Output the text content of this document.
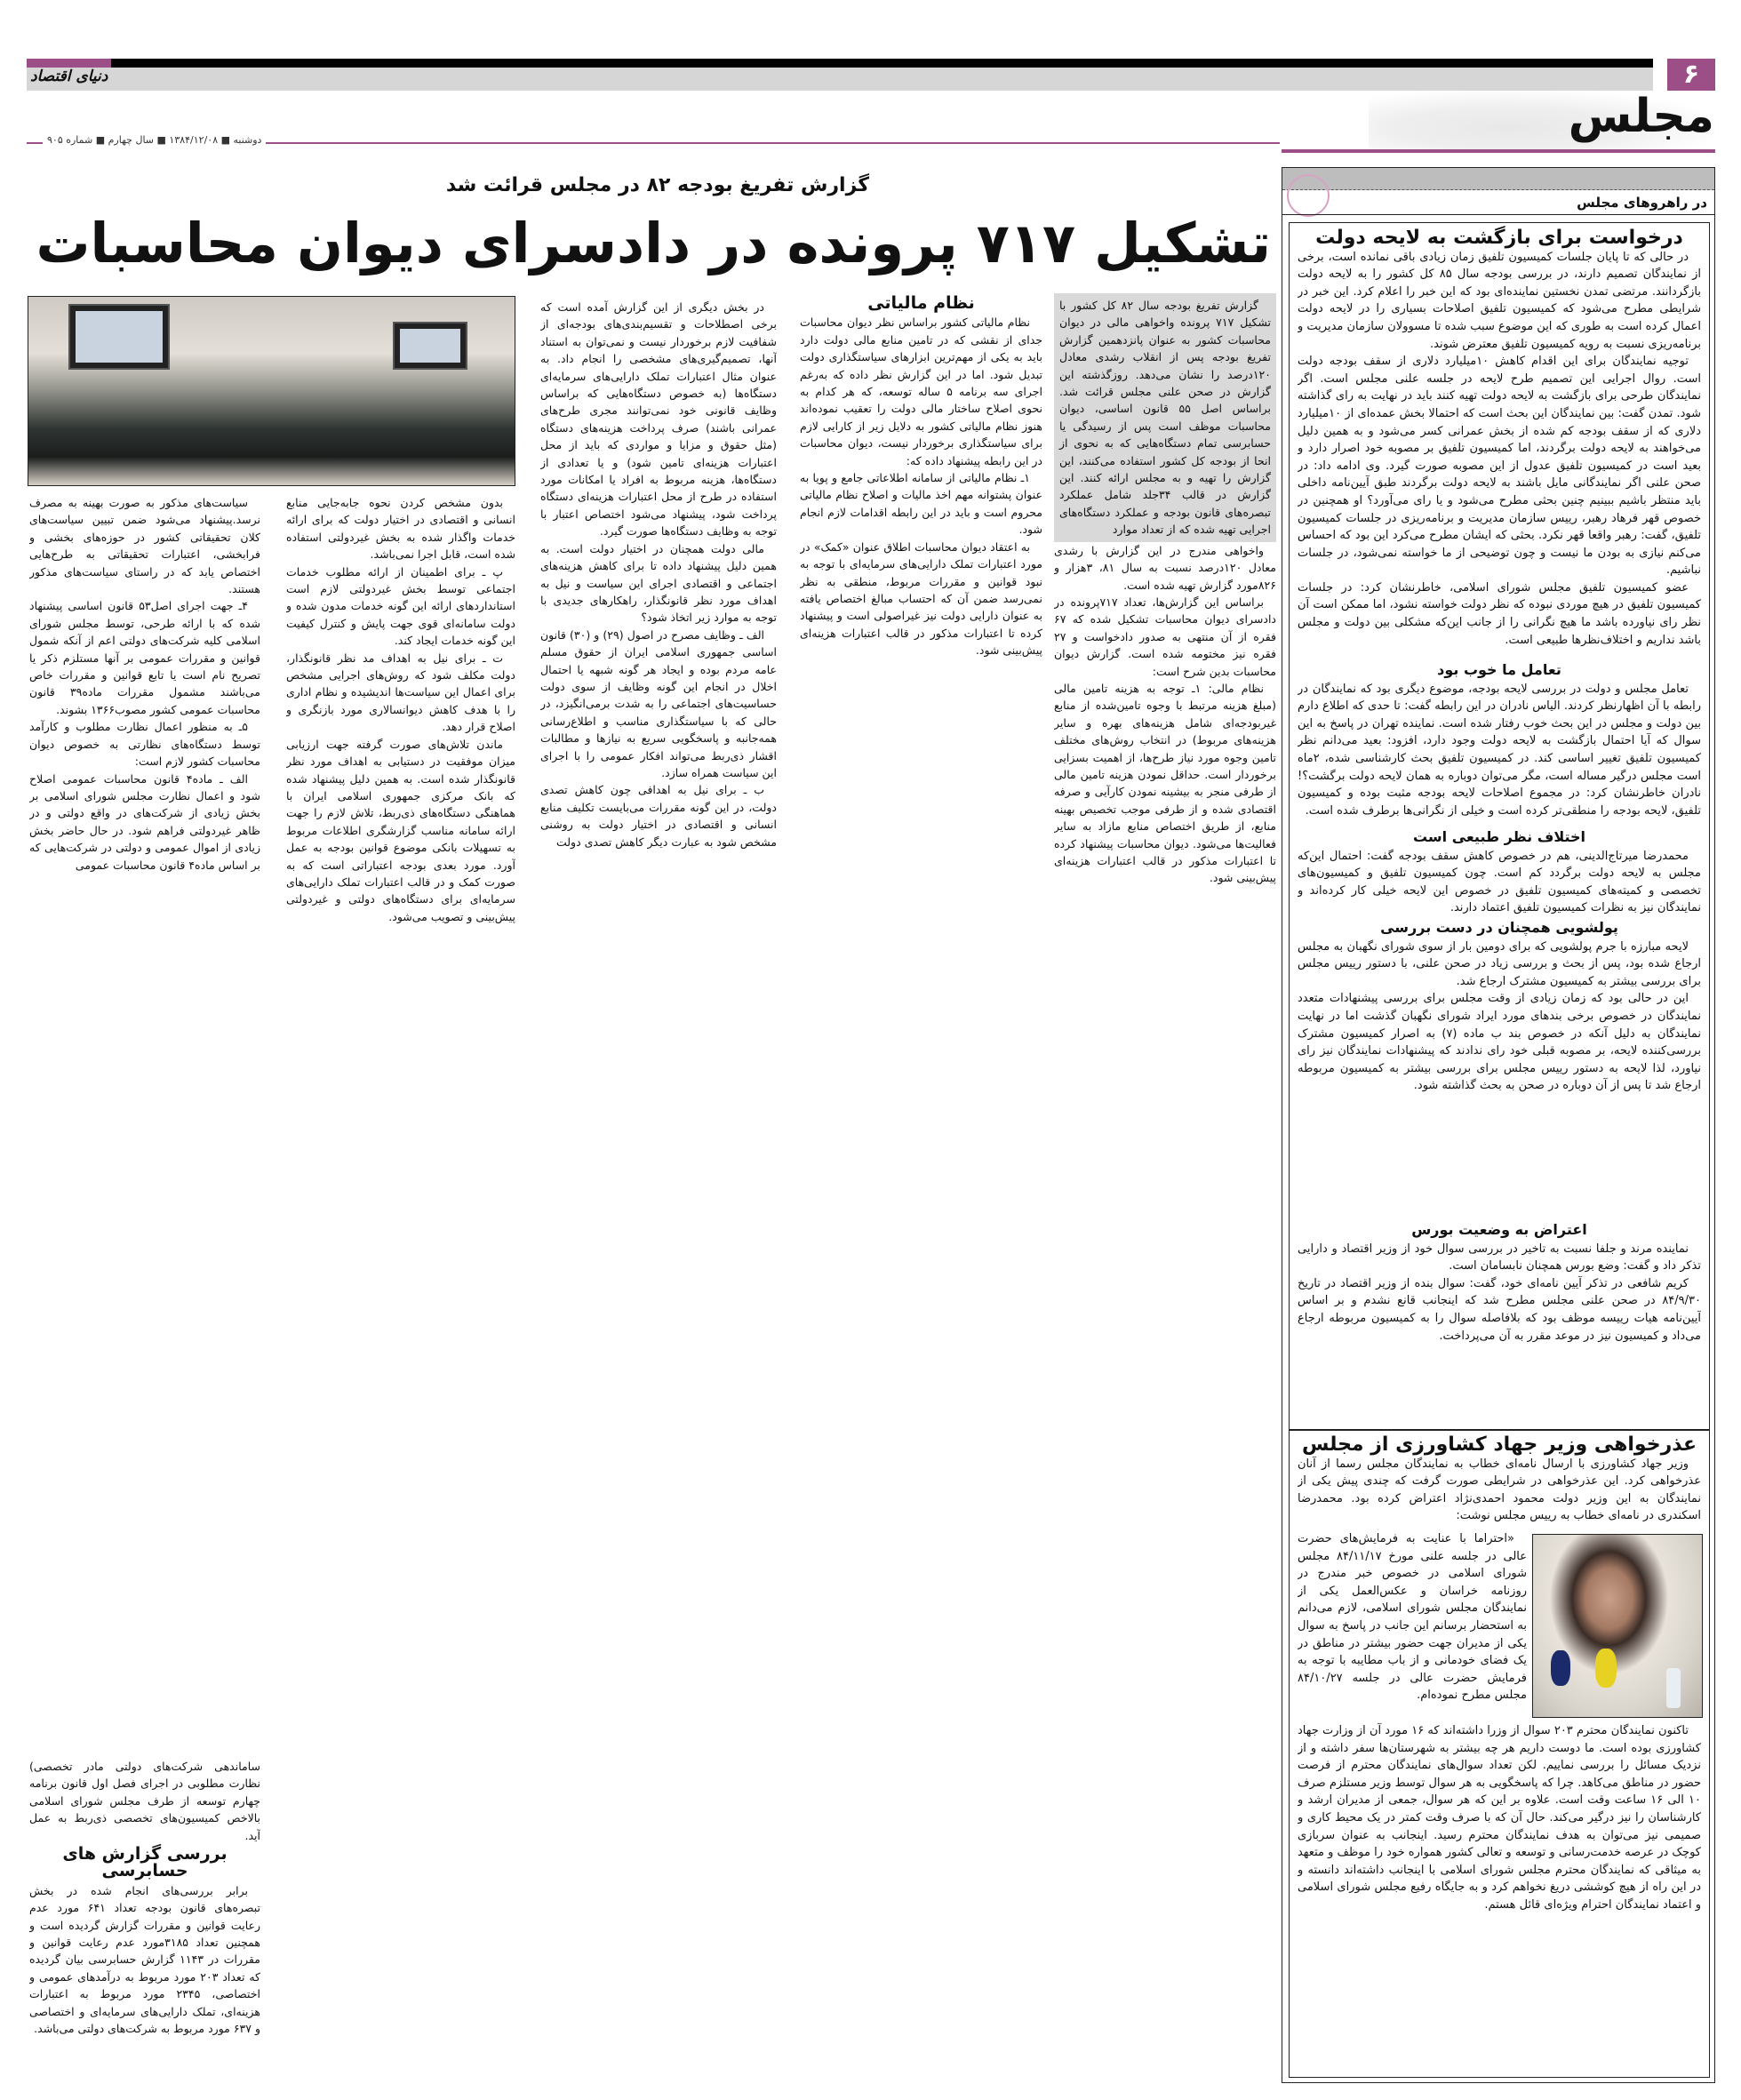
دنیای اقتصاد	۶
مجلس
دوشنبه ■ ۱۳۸۴/۱۲/۰۸ ■ سال چهارم ■ شماره ۹۰۵
گزارش تفریغ بودجه ۸۲ در مجلس قرائت شد
تشکیل ۷۱۷ پرونده در دادسرای دیوان محاسبات

گزارش تفریغ بودجه سال ۸۲ کل کشور با تشکیل ۷۱۷ پرونده واخواهی مالی در دیوان محاسبات کشور به عنوان پانزدهمین گزارش تفریغ بودجه پس از انقلاب رشدی معادل ۱۲۰درصد را نشان می‌دهد. روزگذشته این گزارش در صحن علنی مجلس قرائت شد. براساس اصل ۵۵ قانون اساسی، دیوان محاسبات موظف است پس از رسیدگی یا حسابرسی تمام دستگاه‌هایی که به نحوی از انحا از بودجه کل کشور استفاده می‌کنند، این گزارش را تهیه و به مجلس ارائه کنند. این گزارش در قالب ۳۴جلد شامل عملکرد تبصره‌های قانون بودجه و عملکرد دستگاه‌های اجرایی تهیه شده که از تعداد موارد

واخواهی مندرج در این گزارش با رشدی معادل ۱۲۰درصد نسبت به سال ۸۱، ۳هزار و ۸۲۶مورد گزارش تهیه شده است.

براساس این گزارش‌ها، تعداد ۷۱۷پرونده در دادسرای دیوان محاسبات تشکیل شده که ۶۷ فقره از آن منتهی به صدور دادخواست و ۲۷ فقره نیز مختومه شده است. گزارش دیوان محاسبات بدین شرح است:

نظام مالی: ۱ـ توجه به هزینه تامین مالی (مبلغ هزینه مرتبط با وجوه تامین‌شده از منابع غیربودجه‌ای شامل هزینه‌های بهره و سایر هزینه‌های مربوط) در انتخاب روش‌های مختلف تامین وجوه مورد نیاز طرح‌ها، از اهمیت بسزایی برخوردار است. حداقل نمودن هزینه تامین مالی از طرفی منجر به بیشینه نمودن کارآیی و صرفه اقتصادی شده و از طرفی موجب تخصیص بهینه منابع، از طریق اختصاص منابع مازاد به سایر فعالیت‌ها می‌شود. دیوان محاسبات پیشنهاد کرده تا اعتبارات مذکور در قالب اعتبارات هزینه‌ای پیش‌بینی شود.

نظام مالیاتی

نظام مالیاتی کشور براساس نظر دیوان محاسبات جدای از نقشی که در تامین منابع مالی دولت دارد باید به یکی از مهم‌ترین ابزارهای سیاستگذاری دولت تبدیل شود. اما در این گزارش نظر داده که به‌رغم اجرای سه برنامه ۵ ساله توسعه، که هر کدام به نحوی اصلاح ساختار مالی دولت را تعقیب نموده‌اند هنوز نظام مالیاتی کشور به دلایل زیر از کارایی لازم برای سیاستگذاری برخوردار نیست، دیوان محاسبات در این رابطه پیشنهاد داده که:

۱ـ نظام مالیاتی از سامانه اطلاعاتی جامع و پویا به عنوان پشتوانه مهم اخذ مالیات و اصلاح نظام مالیاتی محروم است و باید در این رابطه اقدامات لازم انجام شود.

به اعتقاد دیوان محاسبات اطلاق عنوان «کمک» در مورد اعتبارات تملک دارایی‌های سرمایه‌ای با توجه به نبود قوانین و مقررات مربوط، منطقی به نظر نمی‌رسد ضمن آن که احتساب مبالغ اختصاص یافته به عنوان دارایی دولت نیز غیراصولی است و پیشنهاد کرده تا اعتبارات مذکور در قالب اعتبارات هزینه‌ای پیش‌بینی شود.

در بخش دیگری از این گزارش آمده است که برخی اصطلاحات و تقسیم‌بندی‌های بودجه‌ای از شفافیت لازم برخوردار نیست و نمی‌توان به استناد آنها، تصمیم‌گیری‌های مشخصی را انجام داد. به عنوان مثال اعتبارات تملک دارایی‌های سرمایه‌ای دستگاه‌ها (به خصوص دستگاه‌هایی که براساس وظایف قانونی خود نمی‌توانند مجری طرح‌های عمرانی باشند) صرف پرداخت هزینه‌های دستگاه (مثل حقوق و مزایا و مواردی که باید از محل اعتبارات هزینه‌ای تامین شود) و یا تعدادی از دستگاه‌ها، هزینه مربوط به افراد یا امکانات مورد استفاده در طرح از محل اعتبارات هزینه‌ای دستگاه پرداخت شود، پیشنهاد می‌شود اختصاص اعتبار با توجه به وظایف دستگاه‌ها صورت گیرد.

مالی دولت همچنان در اختیار دولت است. به همین دلیل پیشنهاد داده تا برای کاهش هزینه‌های اجتماعی و اقتصادی اجرای این سیاست و نیل به اهداف مورد نظر قانونگذار، راهکارهای جدیدی با توجه به موارد زیر اتخاذ شود؟

الف ـ وظایف مصرح در اصول (۲۹) و (۳۰) قانون اساسی جمهوری اسلامی ایران از حقوق مسلم عامه مردم بوده و ایجاد هر گونه شبهه یا احتمال اخلال در انجام این گونه وظایف از سوی دولت حساسیت‌های اجتماعی را به شدت برمی‌انگیزد، در حالی که با سیاستگذاری مناسب و اطلاع‌رسانی همه‌جانبه و پاسخگویی سریع به نیازها و مطالبات اقشار ذی‌ربط می‌تواند افکار عمومی را با اجرای این سیاست همراه سازد.

ب ـ برای نیل به اهدافی چون کاهش تصدی دولت، در این گونه مقررات می‌بایست تکلیف منابع انسانی و اقتصادی در اختیار دولت به روشنی مشخص شود به عبارت دیگر کاهش تصدی دولت

بدون مشخص کردن نحوه جابه‌جایی منابع انسانی و اقتصادی در اختیار دولت که برای ارائه خدمات واگذار شده به بخش غیردولتی استفاده شده است، قابل اجرا نمی‌باشد.

پ ـ برای اطمینان از ارائه مطلوب خدمات اجتماعی توسط بخش غیردولتی لازم است استانداردهای ارائه این گونه خدمات مدون شده و دولت سامانه‌ای قوی جهت پایش و کنترل کیفیت این گونه خدمات ایجاد کند.

ت ـ برای نیل به اهداف مد نظر قانونگذار، دولت مکلف شود که روش‌های اجرایی مشخص برای اعمال این سیاست‌ها اندیشیده و نظام اداری را با هدف کاهش دیوانسالاری مورد بازنگری و اصلاح قرار دهد.

ماندن تلاش‌های صورت گرفته جهت ارزیابی میزان موفقیت در دستیابی به اهداف مورد نظر قانونگذار شده است. به همین دلیل پیشنهاد شده که بانک مرکزی جمهوری اسلامی ایران با هماهنگی دستگاه‌های ذی‌ربط، تلاش لازم را جهت ارائه سامانه مناسب گزارشگری اطلاعات مربوط به تسهیلات بانکی موضوع قوانین بودجه به عمل آورد. مورد بعدی بودجه اعتباراتی است که به صورت کمک و در قالب اعتبارات تملک دارایی‌های سرمایه‌ای برای دستگاه‌های دولتی و غیردولتی پیش‌بینی و تصویب می‌شود.

سیاست‌های مذکور به صورت بهینه به مصرف نرسد.پیشنهاد می‌شود ضمن تبیین سیاست‌های کلان تحقیقاتی کشور در حوزه‌های بخشی و فرابخشی، اعتبارات تحقیقاتی به طرح‌هایی اختصاص یابد که در راستای سیاست‌های مذکور هستند.

۴ـ جهت اجرای اصل۵۳ قانون اساسی پیشنهاد شده که با ارائه طرحی، توسط مجلس شورای اسلامی کلیه شرکت‌های دولتی اعم از آنکه شمول قوانین و مقررات عمومی بر آنها مستلزم ذکر یا تصریح نام است یا تابع قوانین و مقررات خاص می‌باشند مشمول مقررات ماده۳۹ قانون محاسبات عمومی کشور مصوب۱۳۶۶ بشوند.

۵ـ به منظور اعمال نظارت مطلوب و کارآمد توسط دستگاه‌های نظارتی به خصوص دیوان محاسبات کشور لازم است:

الف ـ ماده۴ قانون محاسبات عمومی اصلاح شود و اعمال نظارت مجلس شورای اسلامی بر بخش زیادی از شرکت‌های در واقع دولتی و در ظاهر غیردولتی فراهم شود. در حال حاضر بخش زیادی از اموال عمومی و دولتی در شرکت‌هایی که بر اساس ماده۴ قانون محاسبات عمومی

ساماندهی شرکت‌های دولتی مادر تخصصی) نظارت مطلوبی در اجرای فصل اول قانون برنامه چهارم توسعه از طرف مجلس شورای اسلامی بالاخص کمیسیون‌های تخصصی ذی‌ربط به عمل آید.

بررسی گزارش های حسابرسی

برابر بررسی‌های انجام شده در بخش تبصره‌های قانون بودجه تعداد ۶۴۱ مورد عدم رعایت قوانین و مقررات گزارش گردیده است و همچنین تعداد ۳۱۸۵مورد عدم رعایت قوانین و مقررات در ۱۱۴۳ گزارش حسابرسی بیان گردیده که تعداد ۲۰۳ مورد مربوط به درآمدهای عمومی و اختصاصی، ۲۳۴۵ مورد مربوط به اعتبارات هزینه‌ای، تملک دارایی‌های سرمایه‌ای و اختصاصی و ۶۳۷ مورد مربوط به شرکت‌های دولتی می‌باشد.

در راهروهای مجلس
درخواست برای بازگشت به لایحه دولت

در حالی که تا پایان جلسات کمیسیون تلفیق زمان زیادی باقی نمانده است، برخی از نمایندگان تصمیم دارند، در بررسی بودجه سال ۸۵ کل کشور را به لایحه دولت بازگردانند. مرتضی تمدن نخستین نماینده‌ای بود که این خبر را اعلام کرد. این خبر در شرایطی مطرح می‌شود که کمیسیون تلفیق اصلاحات بسیاری را در لایحه دولت اعمال کرده است به طوری که این موضوع سبب شده تا مسوولان سازمان مدیریت و برنامه‌ریزی نسبت به رویه کمیسیون تلفیق معترض شوند.

توجیه نمایندگان برای این اقدام کاهش ۱۰میلیارد دلاری از سقف بودجه دولت است. روال اجرایی این تصمیم طرح لایحه در جلسه علنی مجلس است. اگر نمایندگان طرحی برای بازگشت به لایحه دولت تهیه کنند باید در نهایت به رای گذاشته شود. تمدن گفت: بین نمایندگان این بحث است که احتمالا بخش عمده‌ای از ۱۰میلیارد دلاری که از سقف بودجه کم شده از بخش عمرانی کسر می‌شود و به همین دلیل می‌خواهند به لایحه دولت برگردند، اما کمیسیون تلفیق بر مصوبه خود اصرار دارد و بعید است در کمیسیون تلفیق عدول از این مصوبه صورت گیرد. وی ادامه داد: در صحن علنی اگر نمایندگانی مایل باشند به لایحه دولت برگردند طبق آیین‌نامه داخلی باید منتظر باشیم ببینیم چنین بحثی مطرح می‌شود و یا رای می‌آورد؟ او همچنین در خصوص قهر فرهاد رهبر، رییس سازمان مدیریت و برنامه‌ریزی در جلسات کمیسیون تلفیق، گفت: رهبر واقعا قهر نکرد. بحثی که ایشان مطرح می‌کرد این بود که احساس می‌کنم نیازی به بودن ما نیست و چون توضیحی از ما خواسته نمی‌شود، در جلسات نباشیم.

عضو کمیسیون تلفیق مجلس شورای اسلامی، خاطرنشان کرد: در جلسات کمیسیون تلفیق در هیچ موردی نبوده که نظر دولت خواسته نشود، اما ممکن است آن نظر رای نیاورده باشد ما هیچ نگرانی را از جانب این‌که مشکلی بین دولت و مجلس باشد نداریم و اختلاف‌نظرها طبیعی است.

تعامل ما خوب بود

تعامل مجلس و دولت در بررسی لایحه بودجه، موضوع دیگری بود که نمایندگان در رابطه با آن اظهارنظر کردند. الیاس نادران در این رابطه گفت: تا حدی که اطلاع دارم بین دولت و مجلس در این بحث خوب رفتار شده است. نماینده تهران در پاسخ به این سوال که آیا احتمال بازگشت به لایحه دولت وجود دارد، افزود: بعید می‌دانم نظر کمیسیون تلفیق تغییر اساسی کند. در کمیسیون تلفیق بحث کارشناسی شده، ۲ماه است مجلس درگیر مساله است، مگر می‌توان دوباره به همان لایحه دولت برگشت؟! نادران خاطرنشان کرد: در مجموع اصلاحات لایحه بودجه مثبت بوده و کمیسیون تلفیق، لایحه بودجه را منطقی‌تر کرده است و خیلی از نگرانی‌ها برطرف شده است.

اختلاف نظر طبیعی است

محمدرضا میرتاج‌الدینی، هم در خصوص کاهش سقف بودجه گفت: احتمال این‌که مجلس به لایحه دولت برگردد کم است. چون کمیسیون تلفیق و کمیسیون‌های تخصصی و کمیته‌های کمیسیون تلفیق در خصوص این لایحه خیلی کار کرده‌اند و نمایندگان نیز به نظرات کمیسیون تلفیق اعتماد دارند.

پولشویی همچنان در دست بررسی

لایحه مبارزه با جرم پولشویی که برای دومین بار از سوی شورای نگهبان به مجلس ارجاع شده بود، پس از بحث و بررسی زیاد در صحن علنی، با دستور رییس مجلس برای بررسی بیشتر به کمیسیون مشترک ارجاع شد.

این در حالی بود که زمان زیادی از وقت مجلس برای بررسی پیشنهادات متعدد نمایندگان در خصوص برخی بندهای مورد ایراد شورای نگهبان گذشت اما در نهایت نمایندگان به دلیل آنکه در خصوص بند ب ماده (۷) به اصرار کمیسیون مشترک بررسی‌کننده لایحه، بر مصوبه قبلی خود رای ندادند که پیشنهادات نمایندگان نیز رای نیاورد، لذا لایحه به دستور رییس مجلس برای بررسی بیشتر به کمیسیون مربوطه ارجاع شد تا پس از آن دوباره در صحن به بحث گذاشته شود.

اعتراض به وضعیت بورس

نماینده مرند و جلفا نسبت به تاخیر در بررسی سوال خود از وزیر اقتصاد و دارایی تذکر داد و گفت: وضع بورس همچنان نابسامان است.

کریم شافعی در تذکر آیین نامه‌ای خود، گفت: سوال بنده از وزیر اقتصاد در تاریخ ۸۴/۹/۳۰ در صحن علنی مجلس مطرح شد که اینجانب قانع نشدم و بر اساس آیین‌نامه هیات رییسه موظف بود که بلافاصله سوال را به کمیسیون مربوطه ارجاع می‌داد و کمیسیون نیز در موعد مقرر به آن می‌پرداخت.

عذرخواهی وزیر جهاد کشاورزی از مجلس

وزیر جهاد کشاورزی با ارسال نامه‌ای خطاب به نمایندگان مجلس رسما از آنان عذرخواهی کرد. این عذرخواهی در شرایطی صورت گرفت که چندی پیش یکی از نمایندگان به این وزیر دولت محمود احمدی‌نژاد اعتراض کرده بود. محمدرضا اسکندری در نامه‌ای خطاب به رییس مجلس نوشت:

«احتراما با عنایت به فرمایش‌های حضرت عالی در جلسه علنی مورخ ۸۴/۱۱/۱۷ مجلس شورای اسلامی در خصوص خبر مندرج در روزنامه خراسان و عکس‌العمل یکی از نمایندگان مجلس شورای اسلامی، لازم می‌دانم به استحضار برسانم این جانب در پاسخ به سوال یکی از مدیران جهت حضور بیشتر در مناطق در یک فضای خودمانی و از باب مطایبه با توجه به فرمایش حضرت عالی در جلسه ۸۴/۱۰/۲۷ مجلس مطرح نموده‌ام.

تاکنون نمایندگان محترم ۲۰۳ سوال از وزرا داشته‌اند که ۱۶ مورد آن از وزارت جهاد کشاورزی بوده است. ما دوست داریم هر چه بیشتر به شهرستان‌ها سفر داشته و از نزدیک مسائل را بررسی نماییم. لکن تعداد سوال‌های نمایندگان محترم از فرصت حضور در مناطق می‌کاهد. چرا که پاسخگویی به هر سوال توسط وزیر مستلزم صرف ۱۰ الی ۱۶ ساعت وقت است. علاوه بر این که هر سوال، جمعی از مدیران ارشد و کارشناسان را نیز درگیر می‌کند. حال آن که با صرف وقت کمتر در یک محیط کاری و صمیمی نیز می‌توان به هدف نمایندگان محترم رسید. اینجانب به عنوان سربازی کوچک در عرصه خدمت‌رسانی و توسعه و تعالی کشور همواره خود را موظف و متعهد به میثاقی که نمایندگان محترم مجلس شورای اسلامی با اینجانب داشته‌اند دانسته و در این راه از هیچ کوششی دریغ نخواهم کرد و به جایگاه رفیع مجلس شورای اسلامی و اعتماد نمایندگان احترام ویژه‌ای قائل هستم.
